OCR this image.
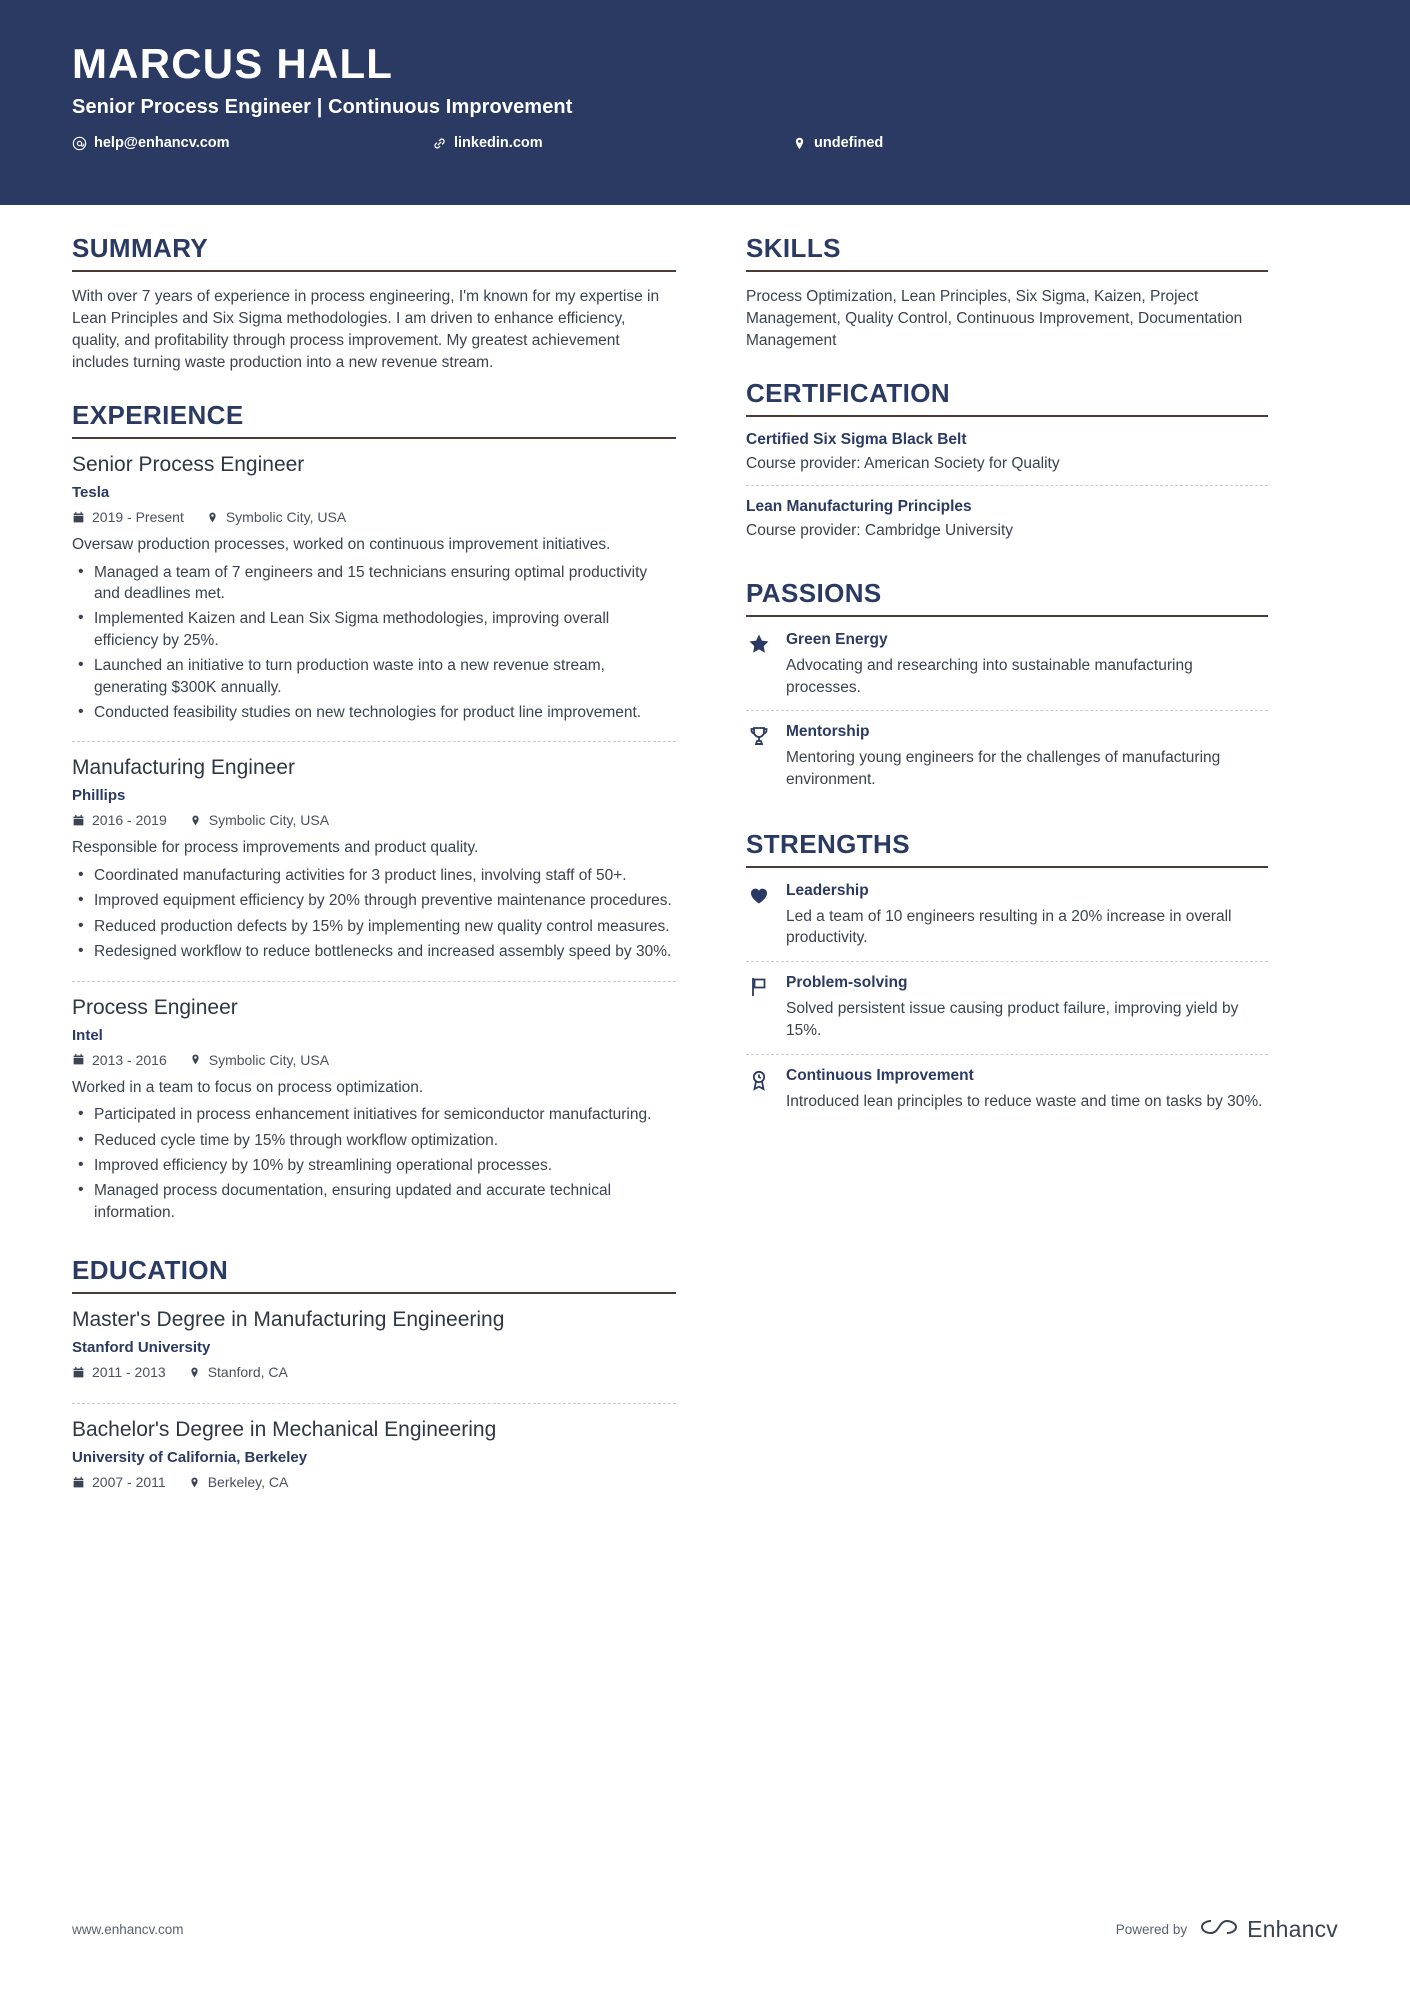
MARCUS HALL
Senior Process Engineer | Continuous Improvement
help@enhancv.com	linkedin.com	undefined
SUMMARY
With over 7 years of experience in process engineering, I'm known for my expertise in Lean Principles and Six Sigma methodologies. I am driven to enhance efficiency, quality, and profitability through process improvement. My greatest achievement includes turning waste production into a new revenue stream.
EXPERIENCE
Senior Process Engineer
Tesla
2019 - Present	Symbolic City, USA
Oversaw production processes, worked on continuous improvement initiatives.
• Managed a team of 7 engineers and 15 technicians ensuring optimal productivity and deadlines met.
• Implemented Kaizen and Lean Six Sigma methodologies, improving overall efficiency by 25%.
• Launched an initiative to turn production waste into a new revenue stream, generating $300K annually.
• Conducted feasibility studies on new technologies for product line improvement.
Manufacturing Engineer
Phillips
2016 - 2019	Symbolic City, USA
Responsible for process improvements and product quality.
• Coordinated manufacturing activities for 3 product lines, involving staff of 50+.
• Improved equipment efficiency by 20% through preventive maintenance procedures.
• Reduced production defects by 15% by implementing new quality control measures.
• Redesigned workflow to reduce bottlenecks and increased assembly speed by 30%.
Process Engineer
Intel
2013 - 2016	Symbolic City, USA
Worked in a team to focus on process optimization.
• Participated in process enhancement initiatives for semiconductor manufacturing.
• Reduced cycle time by 15% through workflow optimization.
• Improved efficiency by 10% by streamlining operational processes.
• Managed process documentation, ensuring updated and accurate technical information.
EDUCATION
Master's Degree in Manufacturing Engineering
Stanford University
2011 - 2013	Stanford, CA
Bachelor's Degree in Mechanical Engineering
University of California, Berkeley
2007 - 2011	Berkeley, CA
SKILLS
Process Optimization, Lean Principles, Six Sigma, Kaizen, Project Management, Quality Control, Continuous Improvement, Documentation Management
CERTIFICATION
Certified Six Sigma Black Belt
Course provider: American Society for Quality
Lean Manufacturing Principles
Course provider: Cambridge University
PASSIONS
Green Energy
Advocating and researching into sustainable manufacturing processes.
Mentorship
Mentoring young engineers for the challenges of manufacturing environment.
STRENGTHS
Leadership
Led a team of 10 engineers resulting in a 20% increase in overall productivity.
Problem-solving
Solved persistent issue causing product failure, improving yield by 15%.
Continuous Improvement
Introduced lean principles to reduce waste and time on tasks by 30%.
www.enhancv.com	Powered by	Enhancv
